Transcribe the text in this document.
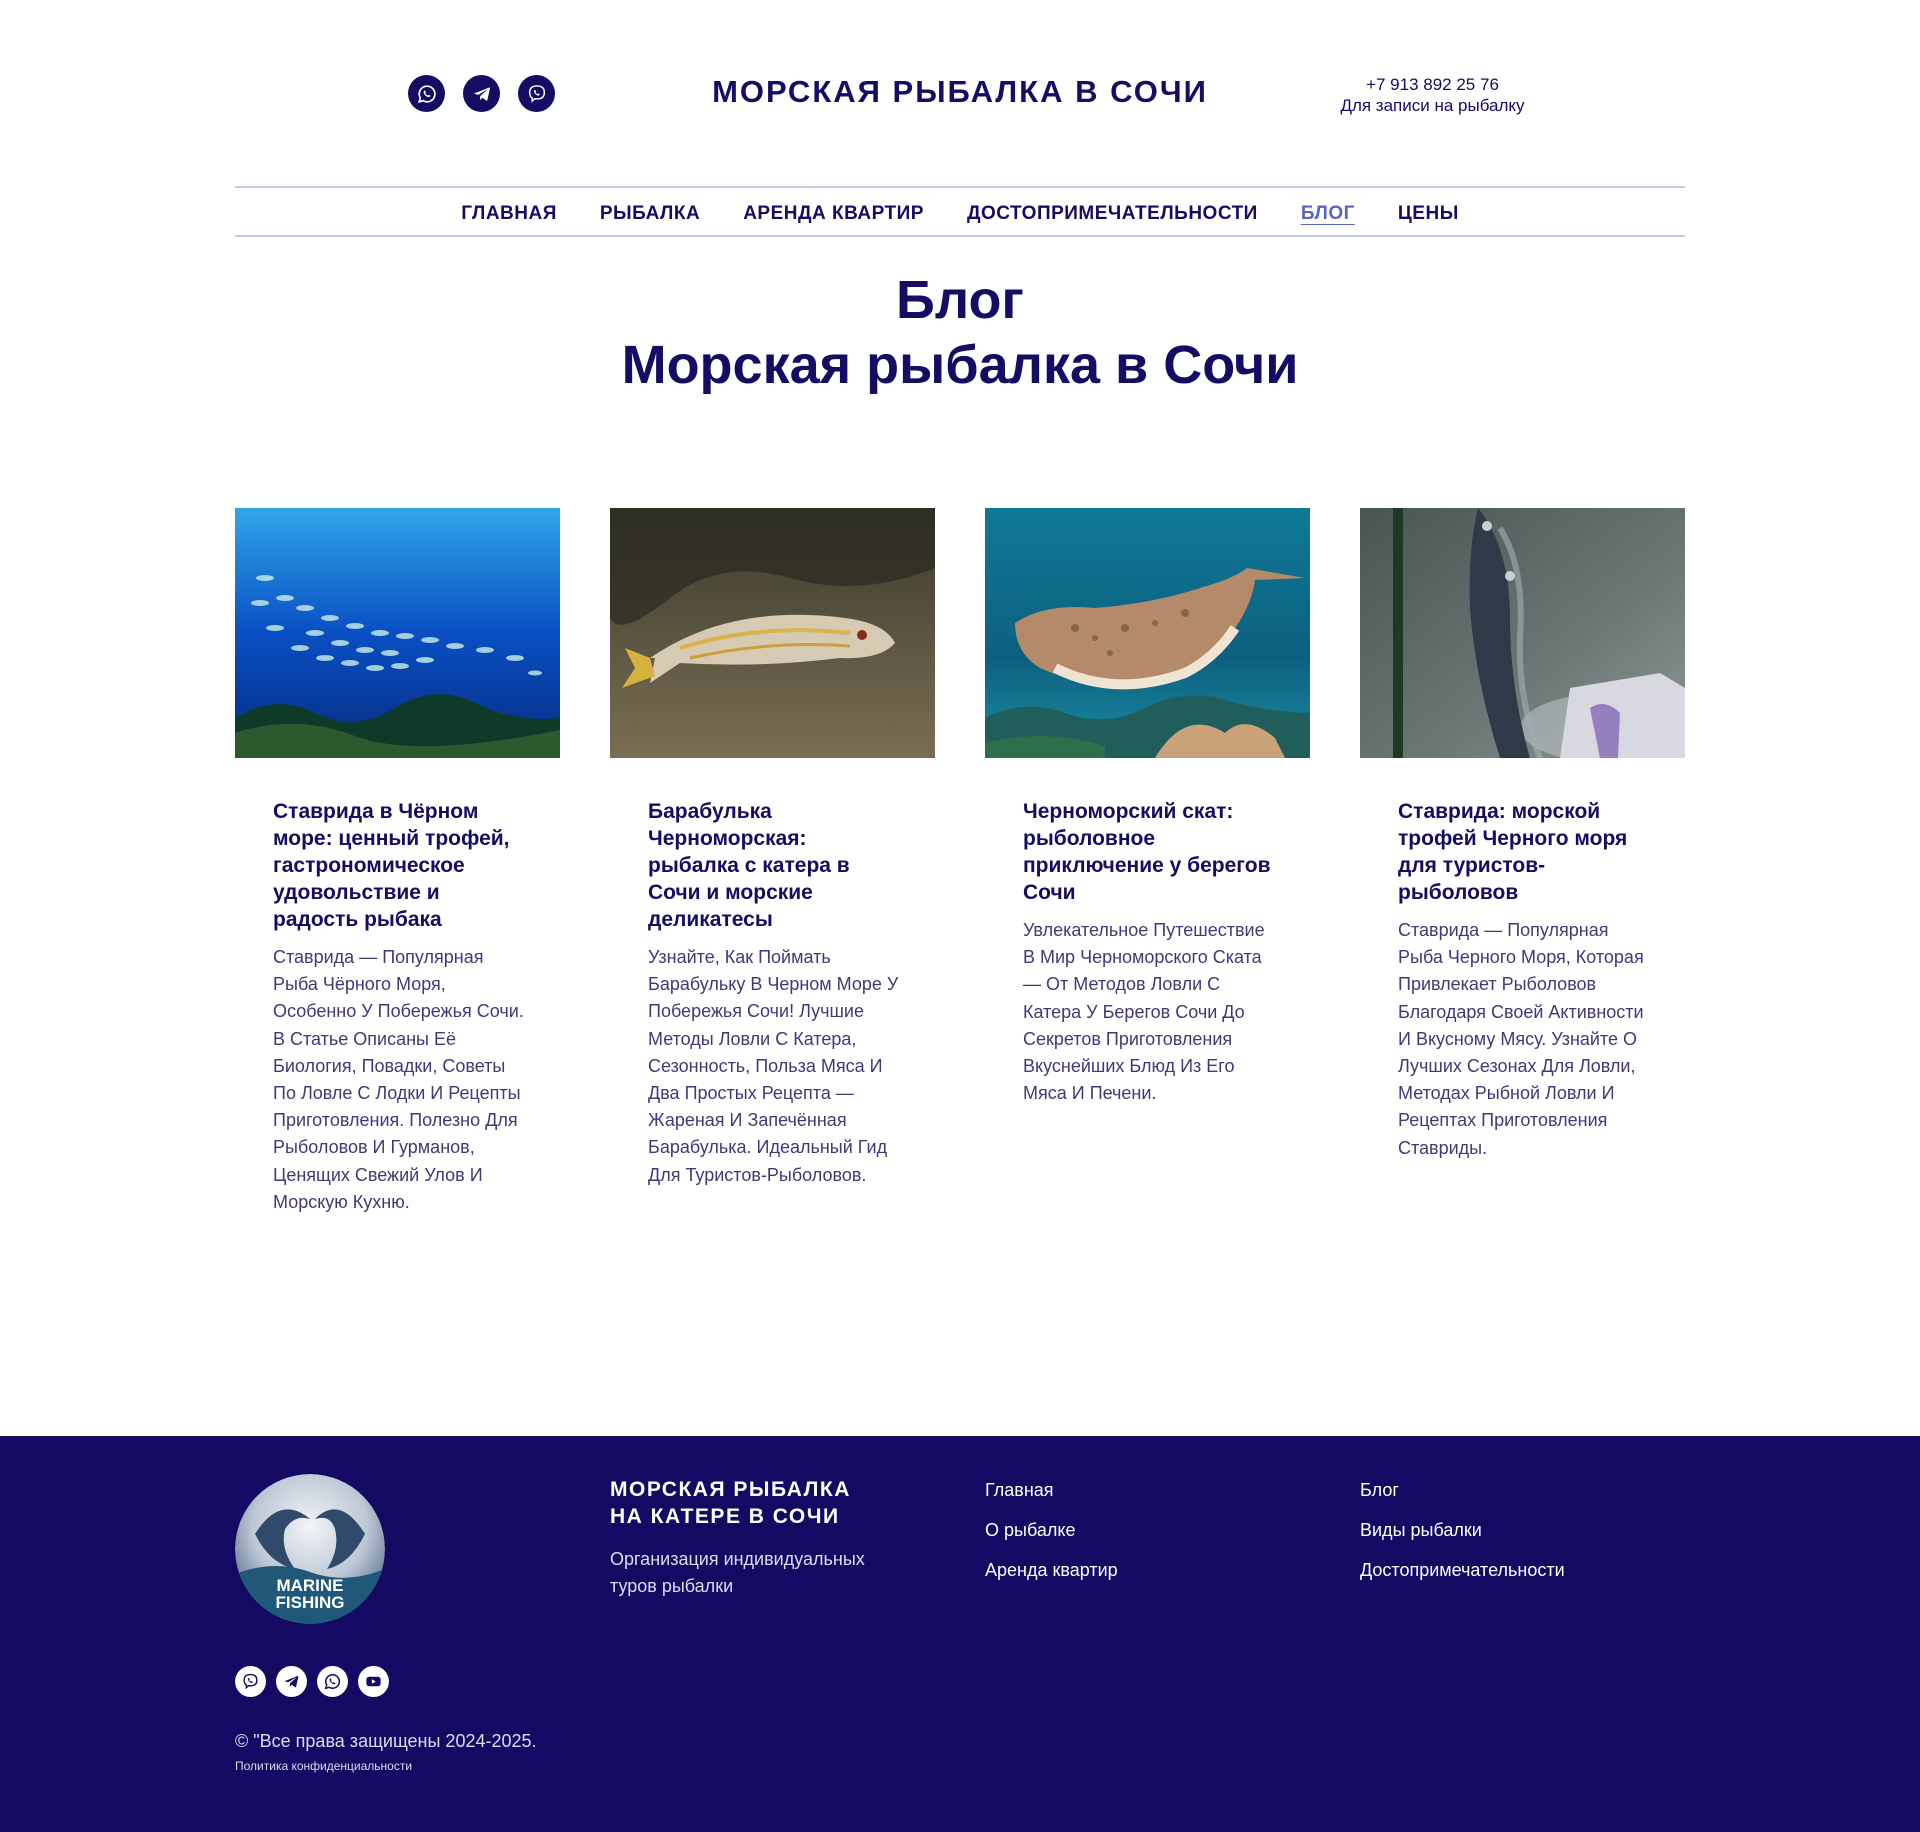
МОРСКАЯ РЫБАЛКА В СОЧИ	+7 913 892 25 76
Для записи на рыбалку
ГЛАВНАЯ РЫБАЛКА АРЕНДА КВАРТИР ДОСТОПРИМЕЧАТЕЛЬНОСТИ БЛОГ ЦЕНЫ
Блог
Морская рыбалка в Сочи
Ставрида в Чёрном море: ценный трофей, гастрономическое удовольствие и радость рыбака

Ставрида — Популярная Рыба Чёрного Моря, Особенно У Побережья Сочи. В Статье Описаны Её Биология, Повадки, Советы По Ловле С Лодки И Рецепты Приготовления. Полезно Для Рыболовов И Гурманов, Ценящих Свежий Улов И Морскую Кухню.

Барабулька Черноморская: рыбалка с катера в Сочи и морские деликатесы

Узнайте, Как Поймать Барабульку В Черном Море У Побережья Сочи! Лучшие Методы Ловли С Катера, Сезонность, Польза Мяса И Два Простых Рецепта — Жареная И Запечённая Барабулька. Идеальный Гид Для Туристов-Рыболовов.

Черноморский скат: рыболовное приключение у берегов Сочи

Увлекательное Путешествие В Мир Черноморского Ската — От Методов Ловли С Катера У Берегов Сочи До Секретов Приготовления Вкуснейших Блюд Из Его Мяса И Печени.

Ставрида: морской трофей Черного моря для туристов-рыболовов

Ставрида — Популярная Рыба Черного Моря, Которая Привлекает Рыболовов Благодаря Своей Активности И Вкусному Мясу. Узнайте О Лучших Сезонах Для Ловли, Методах Рыбной Ловли И Рецептах Приготовления Ставриды.

MARINE
FISHING
МОРСКАЯ РЫБАЛКА
НА КАТЕРЕ В СОЧИ

Организация индивидуальных туров рыбалки

Главная
О рыбалке
Аренда квартир
Блог
Виды рыбалки
Достопримечательности
© "Все права защищены 2024-2025.
Политика конфиденциальности
